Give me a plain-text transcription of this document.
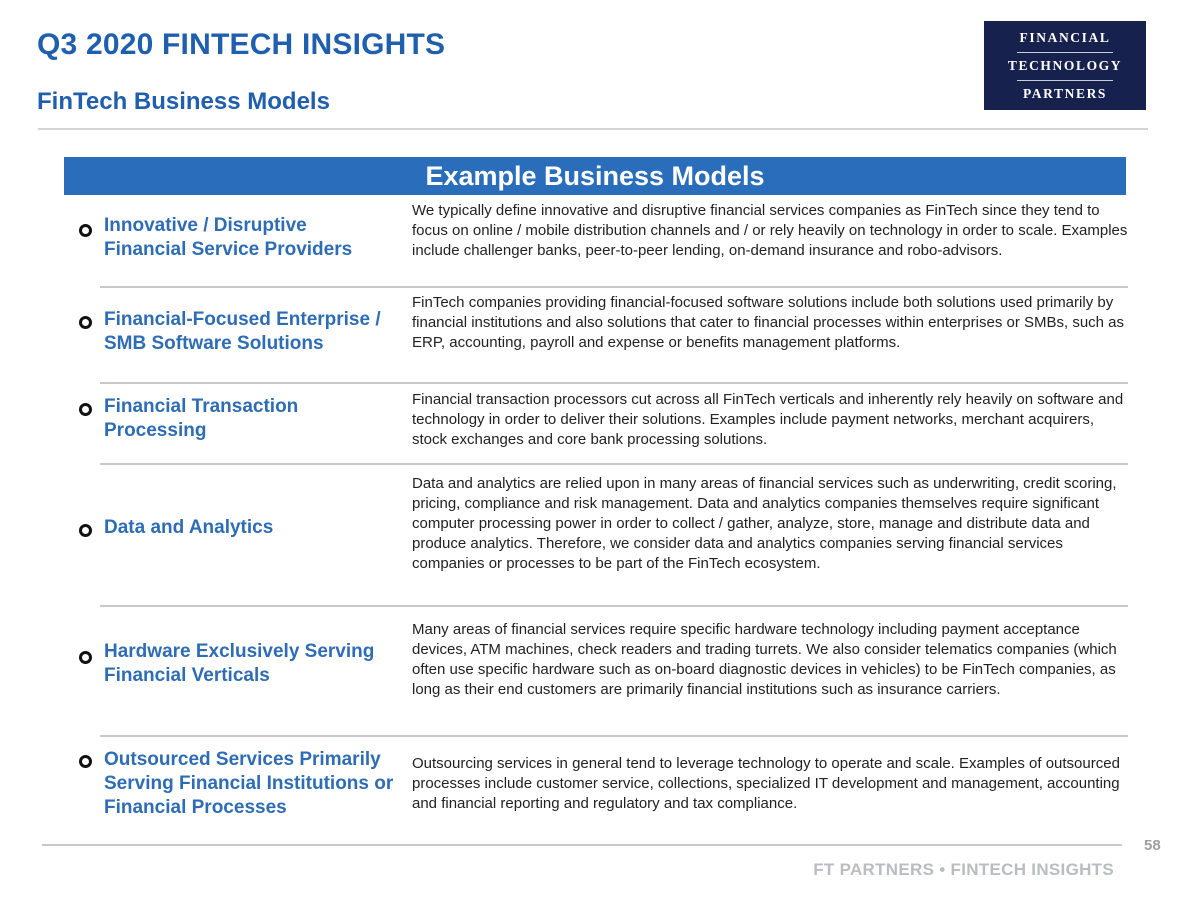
Q3 2020 FINTECH INSIGHTS
FinTech Business Models
FINANCIAL
TECHNOLOGY
PARTNERS
Example Business Models
Innovative / Disruptive Financial Service Providers
We typically define innovative and disruptive financial services companies as FinTech since they tend to focus on online / mobile distribution channels and / or rely heavily on technology in order to scale. Examples include challenger banks, peer-to-peer lending, on-demand insurance and robo-advisors.
Financial-Focused Enterprise / SMB Software Solutions
FinTech companies providing financial-focused software solutions include both solutions used primarily by financial institutions and also solutions that cater to financial processes within enterprises or SMBs, such as ERP, accounting, payroll and expense or benefits management platforms.
Financial Transaction Processing
Financial transaction processors cut across all FinTech verticals and inherently rely heavily on software and technology in order to deliver their solutions. Examples include payment networks, merchant acquirers, stock exchanges and core bank processing solutions.
Data and Analytics
Data and analytics are relied upon in many areas of financial services such as underwriting, credit scoring, pricing, compliance and risk management. Data and analytics companies themselves require significant computer processing power in order to collect / gather, analyze, store, manage and distribute data and produce analytics. Therefore, we consider data and analytics companies serving financial services companies or processes to be part of the FinTech ecosystem.
Hardware Exclusively Serving Financial Verticals
Many areas of financial services require specific hardware technology including payment acceptance devices, ATM machines, check readers and trading turrets. We also consider telematics companies (which often use specific hardware such as on-board diagnostic devices in vehicles) to be FinTech companies, as long as their end customers are primarily financial institutions such as insurance carriers.
Outsourced Services Primarily Serving Financial Institutions or Financial Processes
Outsourcing services in general tend to leverage technology to operate and scale. Examples of outsourced processes include customer service, collections, specialized IT development and management, accounting and financial reporting and regulatory and tax compliance.
58
FT PARTNERS • FINTECH INSIGHTS
